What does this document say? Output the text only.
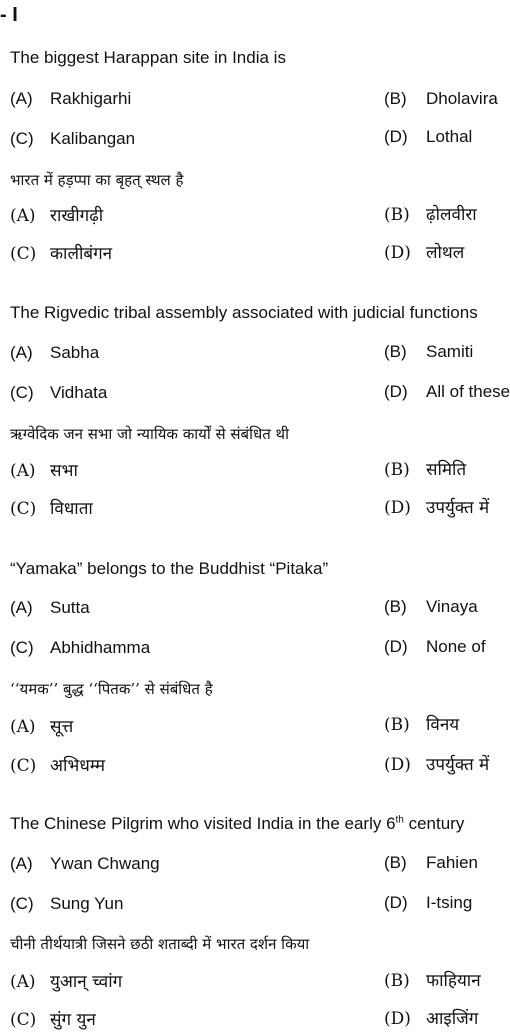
- I
The biggest Harappan site in India is
(A) Rakhigarhi	(B) Dholavira
(C) Kalibangan	(D) Lothal
भारत में हड़प्पा का बृहत् स्थल है
(A) राखीगढ़ी	(B) ढ़ोलवीरा
(C) कालीबंगन	(D) लोथल
The Rigvedic tribal assembly associated with judicial functions
(A) Sabha	(B) Samiti
(C) Vidhata	(D) All of these
ऋग्वेदिक जन सभा जो न्यायिक कार्यों से संबंधित थी
(A) सभा	(B) समिति
(C) विधाता	(D) उपर्युक्त में
“Yamaka” belongs to the Buddhist “Pitaka”
(A) Sutta	(B) Vinaya
(C) Abhidhamma	(D) None of
‘‘यमक’’ बुद्ध ‘‘पितक’’ से संबंधित है
(A) सूत्त	(B) विनय
(C) अभिधम्म	(D) उपर्युक्त में
The Chinese Pilgrim who visited India in the early 6th century
(A) Ywan Chwang	(B) Fahien
(C) Sung Yun	(D) I-tsing
चीनी तीर्थयात्री जिसने छठी शताब्दी में भारत दर्शन किया
(A) युआन् च्वांग	(B) फाहियान
(C) सुंग युन	(D) आइजिंग
